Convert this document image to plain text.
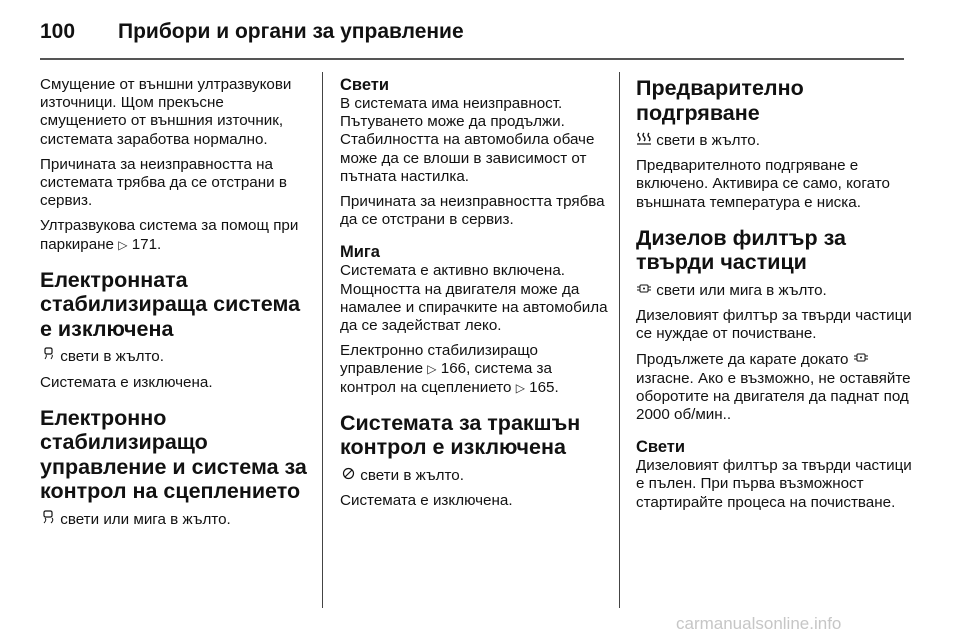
100 Прибори и органи за управление

Смущение от външни ултразвукови източници. Щом прекъсне смущението от външния източник, системата заработва нормално.

Причината за неизправността на системата трябва да се отстрани в сервиз.

Ултразвукова система за помощ при паркиране ▷ 171.

Електронната стабилизираща система е изключена

свети в жълто.

Системата е изключена.

Електронно стабилизиращо управление и система за контрол на сцеплението

свети или мига в жълто.

Свети

В системата има неизправност. Пътуването може да продължи. Стабилността на автомобила обаче може да се влоши в зависимост от пътната настилка.

Причината за неизправността трябва да се отстрани в сервиз.

Мига

Системата е активно включена. Мощността на двигателя може да намалее и спирачките на автомобила да се задействат леко.

Електронно стабилизиращо управление ▷ 166, система за контрол на сцеплението ▷ 165.

Системата за тракшън контрол е изключена

свети в жълто.

Системата е изключена.

Предварително подгряване

свети в жълто.

Предварителното подгряване е включено. Активира се само, когато външната температура е ниска.

Дизелов филтър за твърди частици

свети или мига в жълто.

Дизеловият филтър за твърди частици се нуждае от почистване.

Продължете да карате докато  изгасне. Ако е възможно, не оставяйте оборотите на двигателя да паднат под 2000 об/мин..

Свети

Дизеловият филтър за твърди частици е пълен. При първа възможност стартирайте процеса на почистване.

carmanualsonline.info
